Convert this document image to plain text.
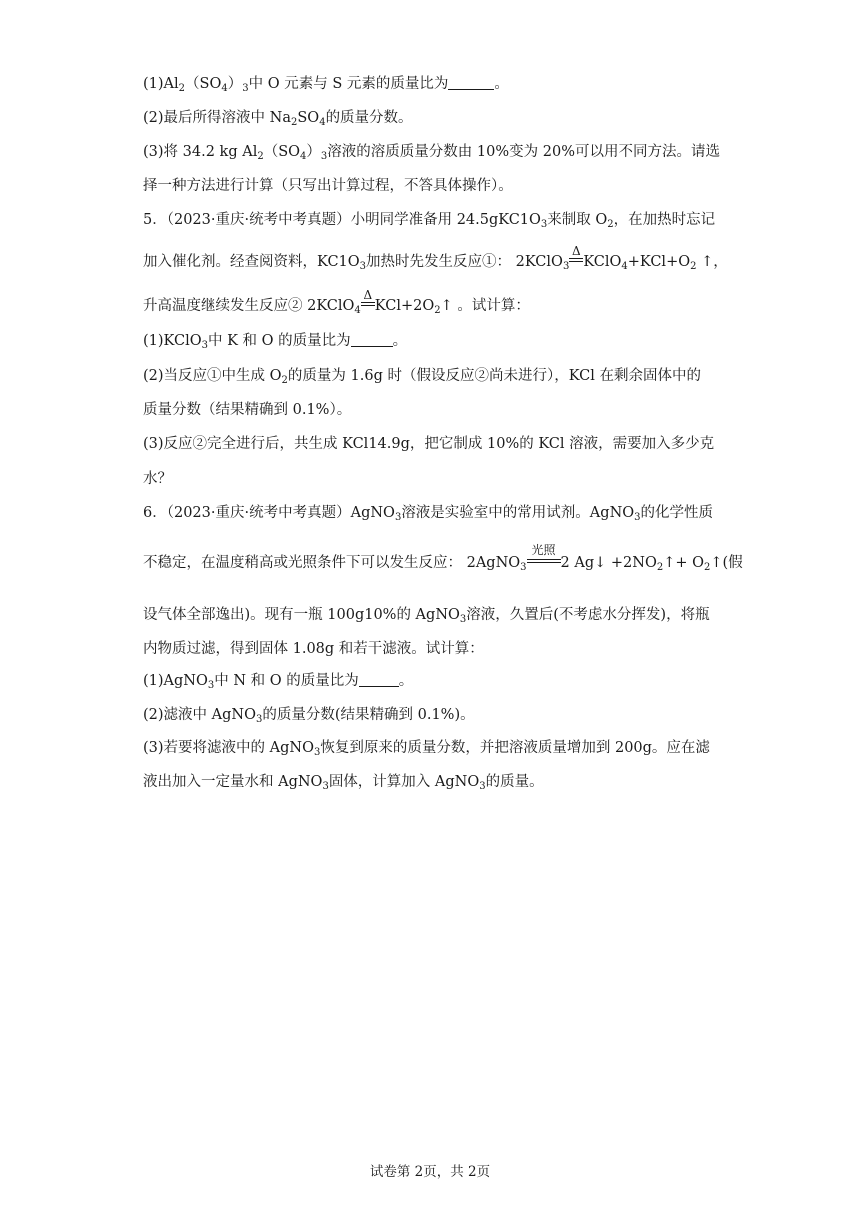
$(1)Al_2(SO_4)_3$中 O 元素与 S 元素的质量比为	。
(2)最后所得溶液中 $Na_2SO_4$的质量分数。
(3)将 34.2 kg $Al_2(SO_4)_3$溶液的溶质质量分数由 10%变为 20%可以用不同方法。请选
择一种方法进行计算（只写出计算过程，不答具体操作）。
5．（2023·重庆·统考中考真题）小明同学准备用 $24.5gKC1O_3$来制取 $O_2$，在加热时忘记
加入催化剂。经查阅资料，$KC1O_3$加热时先发生反应①： 2KClO$_3$
Δ
$KClO_4+KCl+O_2$ ↑，
升高温度继续发生反应② 2KClO$_4$
Δ
$KCl+2O_2↑$ 。试计算：
(1)KClO$_3$中 K 和 O 的质量比为	。
(2)当反应①中生成 $O_2$的质量为 1.6g 时（假设反应②尚未进行），KCl 在剩余固体中的
质量分数（结果精确到 0.1%）。
(3)反应②完全进行后，共生成 KCl14.9g，把它制成 10%的 KCl 溶液，需要加入多少克
水？
6．（2023·重庆·统考中考真题）AgNO$_3$溶液是实验室中的常用试剂。AgNO$_3$的化学性质
不稳定，在温度稍高或光照条件下可以发生反应： 2AgNO$_3$
光照
2 Ag↓ $+2NO_2↑+$ $O_2↑$(假
设气体全部逸出)。现有一瓶 100g10%的 AgNO$_3$溶液，久置后(不考虑水分挥发)，将瓶
内物质过滤，得到固体 1.08g 和若干滤液。试计算：
(1)AgNO$_3$中 N 和 O 的质量比为	。
(2)滤液中 AgNO$_3$的质量分数(结果精确到 0.1%)。
(3)若要将滤液中的 AgNO$_3$恢复到原来的质量分数，并把溶液质量增加到 200g。应在滤
液出加入一定量水和 AgNO$_3$固体，计算加入 AgNO$_3$的质量。
试卷第 2页，共 2页
